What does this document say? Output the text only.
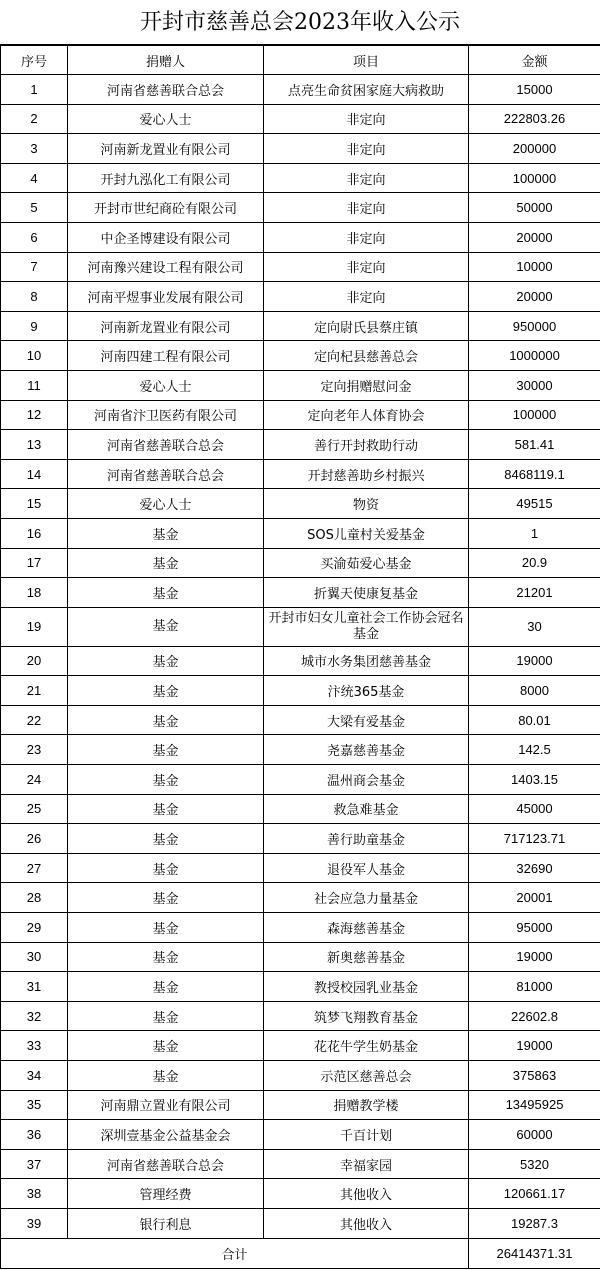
开封市慈善总会2023年收入公示
序号	捐赠人	项目	金额
1	河南省慈善联合总会	点亮生命贫困家庭大病救助	15000
2	爱心人士	非定向	222803.26
3	河南新龙置业有限公司	非定向	200000
4	开封九泓化工有限公司	非定向	100000
5	开封市世纪商砼有限公司	非定向	50000
6	中企圣博建设有限公司	非定向	20000
7	河南豫兴建设工程有限公司	非定向	10000
8	河南平煜事业发展有限公司	非定向	20000
9	河南新龙置业有限公司	定向尉氏县蔡庄镇	950000
10	河南四建工程有限公司	定向杞县慈善总会	1000000
11	爱心人士	定向捐赠慰问金	30000
12	河南省汴卫医药有限公司	定向老年人体育协会	100000
13	河南省慈善联合总会	善行开封救助行动	581.41
14	河南省慈善联合总会	开封慈善助乡村振兴	8468119.1
15	爱心人士	物资	49515
16	基金	SOS儿童村关爱基金	1
17	基金	买渝茹爱心基金	20.9
18	基金	折翼天使康复基金	21201
19	基金	开封市妇女儿童社会工作协会冠名基金	30
20	基金	城市水务集团慈善基金	19000
21	基金	汴统365基金	8000
22	基金	大梁有爱基金	80.01
23	基金	尧嘉慈善基金	142.5
24	基金	温州商会基金	1403.15
25	基金	救急难基金	45000
26	基金	善行助童基金	717123.71
27	基金	退役军人基金	32690
28	基金	社会应急力量基金	20001
29	基金	森海慈善基金	95000
30	基金	新奥慈善基金	19000
31	基金	教授校园乳业基金	81000
32	基金	筑梦飞翔教育基金	22602.8
33	基金	花花牛学生奶基金	19000
34	基金	示范区慈善总会	375863
35	河南鼎立置业有限公司	捐赠教学楼	13495925
36	深圳壹基金公益基金会	千百计划	60000
37	河南省慈善联合总会	幸福家园	5320
38	管理经费	其他收入	120661.17
39	银行利息	其他收入	19287.3
合计			26414371.31
